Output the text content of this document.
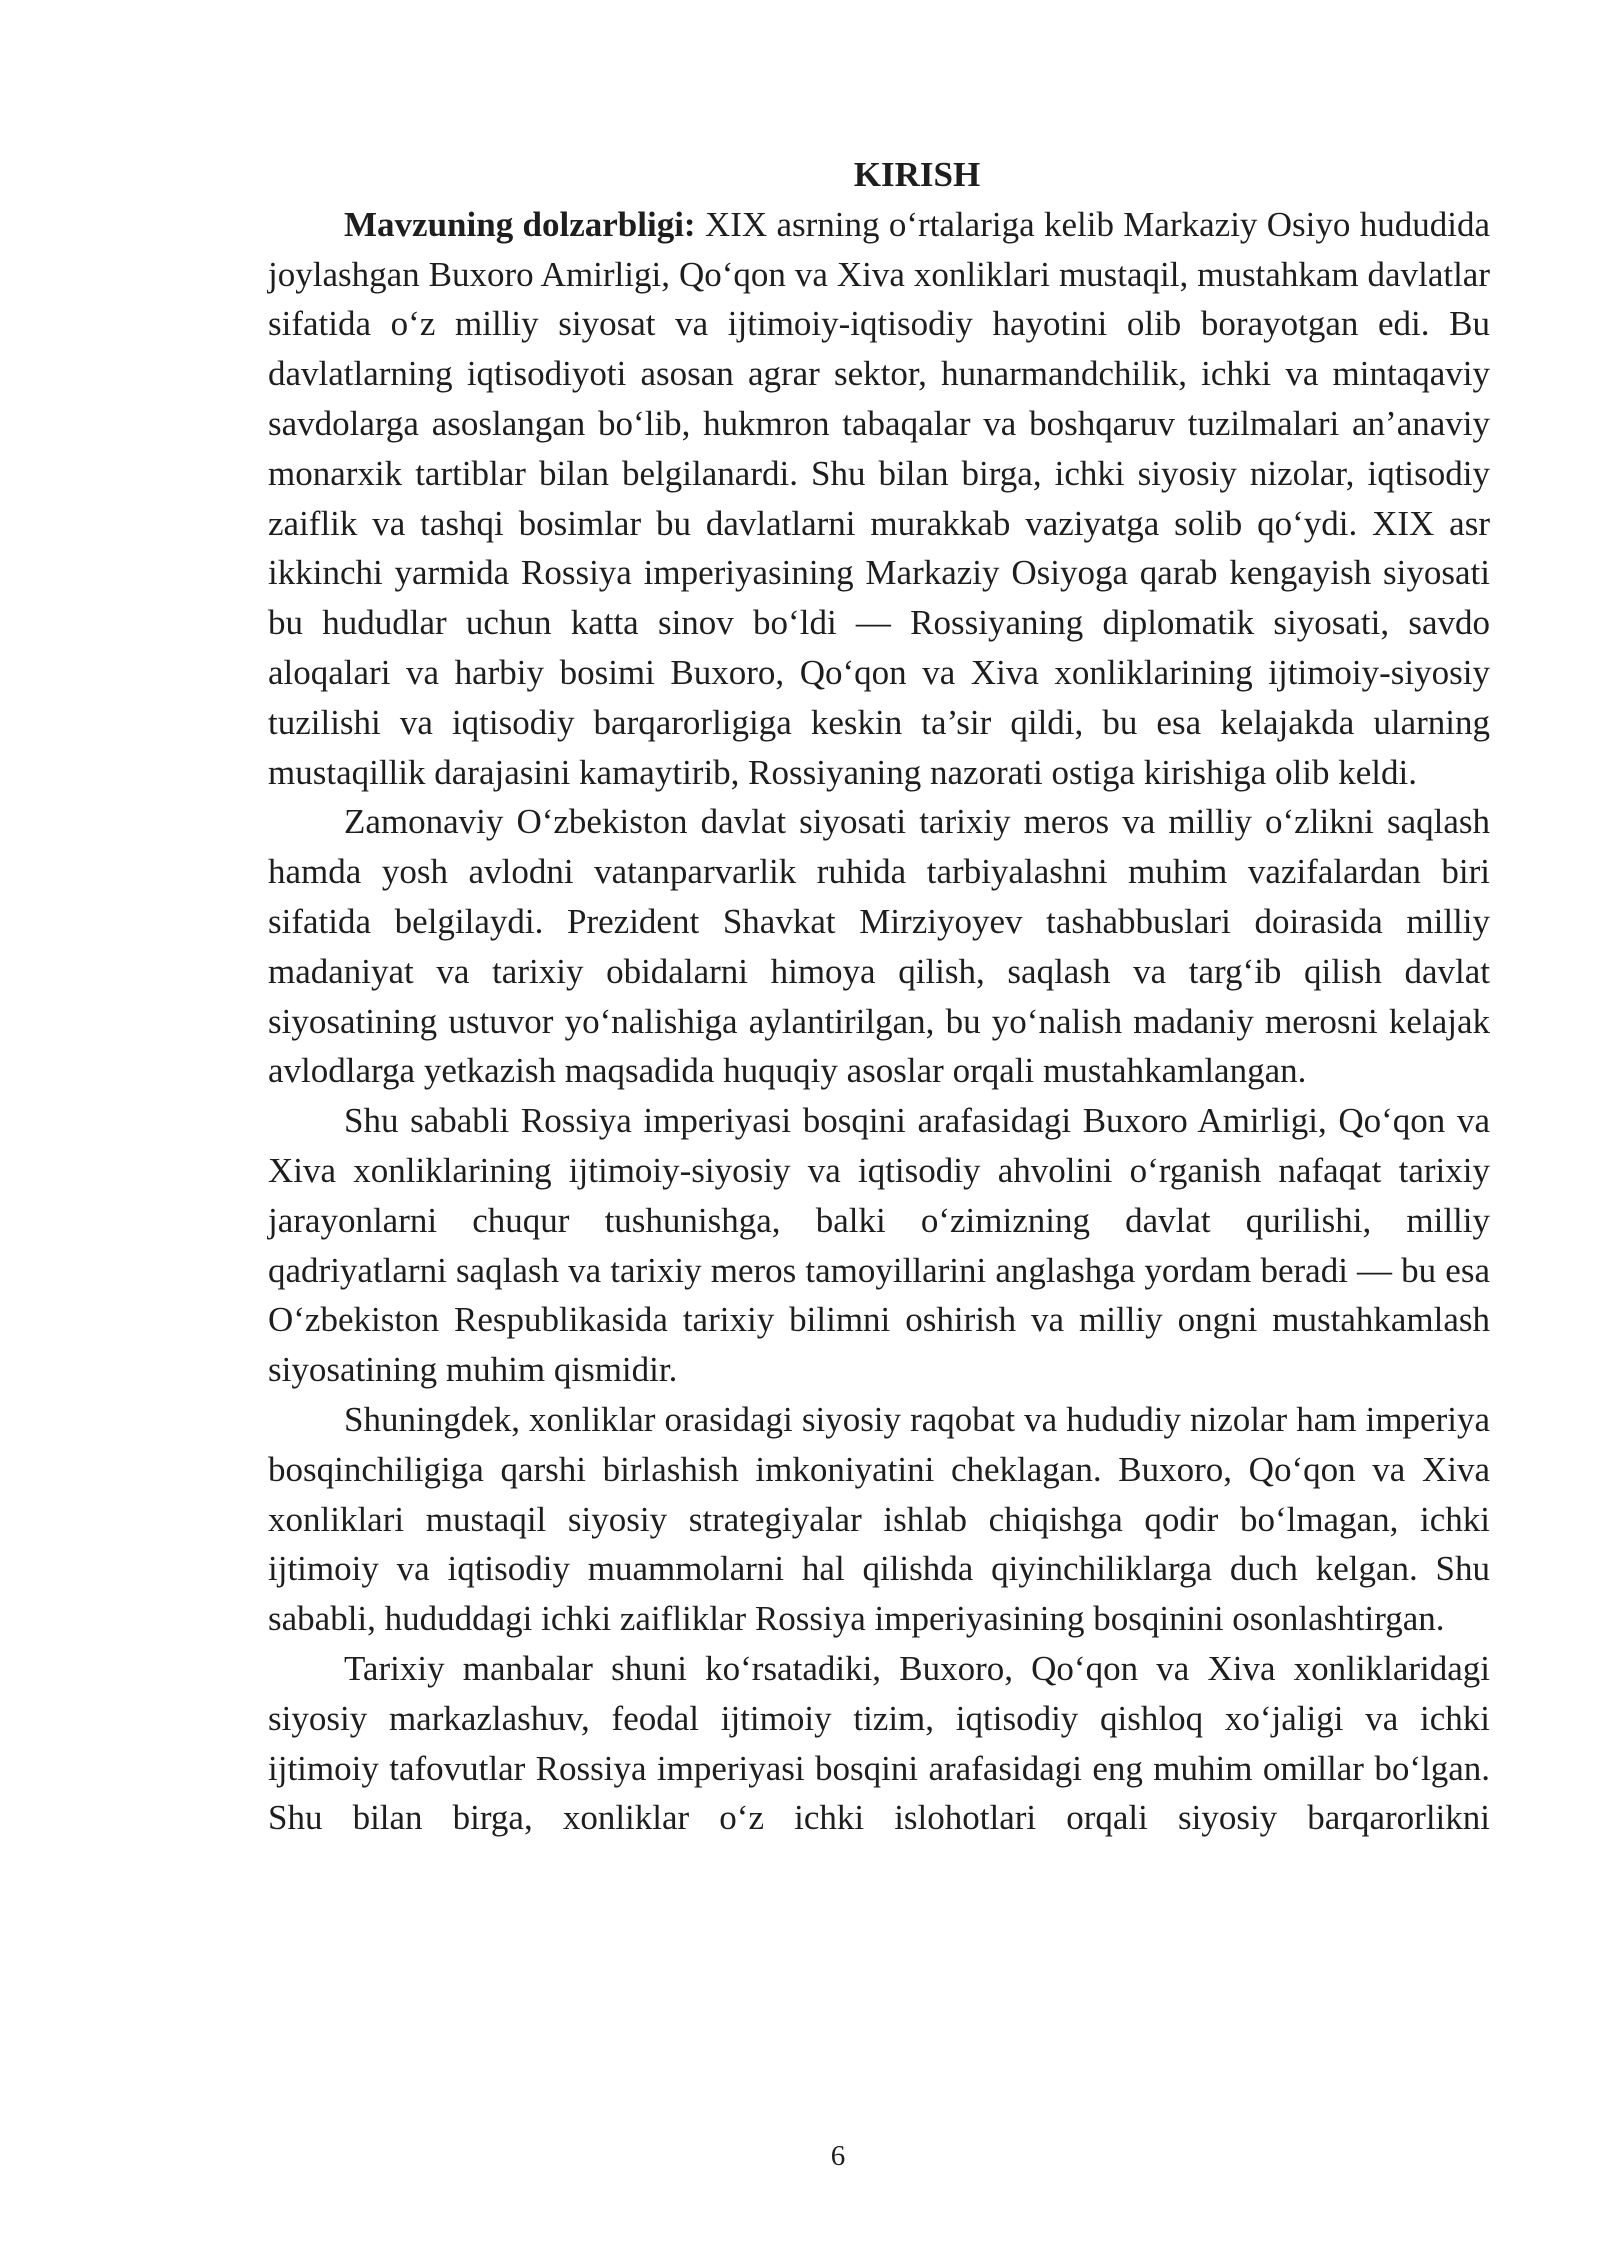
KIRISH

Mavzuning dolzarbligi: XIX asrning o‘rtalariga kelib Markaziy Osiyo hududida joylashgan Buxoro Amirligi, Qo‘qon va Xiva xonliklari mustaqil, mustahkam davlatlar sifatida o‘z milliy siyosat va ijtimoiy-iqtisodiy hayotini olib borayotgan edi. Bu davlatlarning iqtisodiyoti asosan agrar sektor, hunarmandchilik, ichki va mintaqaviy savdolarga asoslangan bo‘lib, hukmron tabaqalar va boshqaruv tuzilmalari an’anaviy monarxik tartiblar bilan belgilanardi. Shu bilan birga, ichki siyosiy nizolar, iqtisodiy zaiflik va tashqi bosimlar bu davlatlarni murakkab vaziyatga solib qo‘ydi. XIX asr ikkinchi yarmida Rossiya imperiyasining Markaziy Osiyoga qarab kengayish siyosati bu hududlar uchun katta sinov bo‘ldi — Rossiyaning diplomatik siyosati, savdo aloqalari va harbiy bosimi Buxoro, Qo‘qon va Xiva xonliklarining ijtimoiy-siyosiy tuzilishi va iqtisodiy barqarorligiga keskin ta’sir qildi, bu esa kelajakda ularning mustaqillik darajasini kamaytirib, Rossiyaning nazorati ostiga kirishiga olib keldi.

Zamonaviy O‘zbekiston davlat siyosati tarixiy meros va milliy o‘zlikni saqlash hamda yosh avlodni vatanparvarlik ruhida tarbiyalashni muhim vazifalardan biri sifatida belgilaydi. Prezident Shavkat Mirziyoyev tashabbuslari doirasida milliy madaniyat va tarixiy obidalarni himoya qilish, saqlash va targ‘ib qilish davlat siyosatining ustuvor yo‘nalishiga aylantirilgan, bu yo‘nalish madaniy merosni kelajak avlodlarga yetkazish maqsadida huquqiy asoslar orqali mustahkamlangan.

Shu sababli Rossiya imperiyasi bosqini arafasidagi Buxoro Amirligi, Qo‘qon va Xiva xonliklarining ijtimoiy-siyosiy va iqtisodiy ahvolini o‘rganish nafaqat tarixiy jarayonlarni chuqur tushunishga, balki o‘zimizning davlat qurilishi, milliy qadriyatlarni saqlash va tarixiy meros tamoyillarini anglashga yordam beradi — bu esa O‘zbekiston Respublikasida tarixiy bilimni oshirish va milliy ongni mustahkamlash siyosatining muhim qismidir.

Shuningdek, xonliklar orasidagi siyosiy raqobat va hududiy nizolar ham imperiya bosqinchiligiga qarshi birlashish imkoniyatini cheklagan. Buxoro, Qo‘qon va Xiva xonliklari mustaqil siyosiy strategiyalar ishlab chiqishga qodir bo‘lmagan, ichki ijtimoiy va iqtisodiy muammolarni hal qilishda qiyinchiliklarga duch kelgan. Shu sababli, hududdagi ichki zaifliklar Rossiya imperiyasining bosqinini osonlashtirgan.

Tarixiy manbalar shuni ko‘rsatadiki, Buxoro, Qo‘qon va Xiva xonliklaridagi siyosiy markazlashuv, feodal ijtimoiy tizim, iqtisodiy qishloq xo‘jaligi va ichki ijtimoiy tafovutlar Rossiya imperiyasi bosqini arafasidagi eng muhim omillar bo‘lgan. Shu bilan birga, xonliklar o‘z ichki islohotlari orqali siyosiy barqarorlikni

6
